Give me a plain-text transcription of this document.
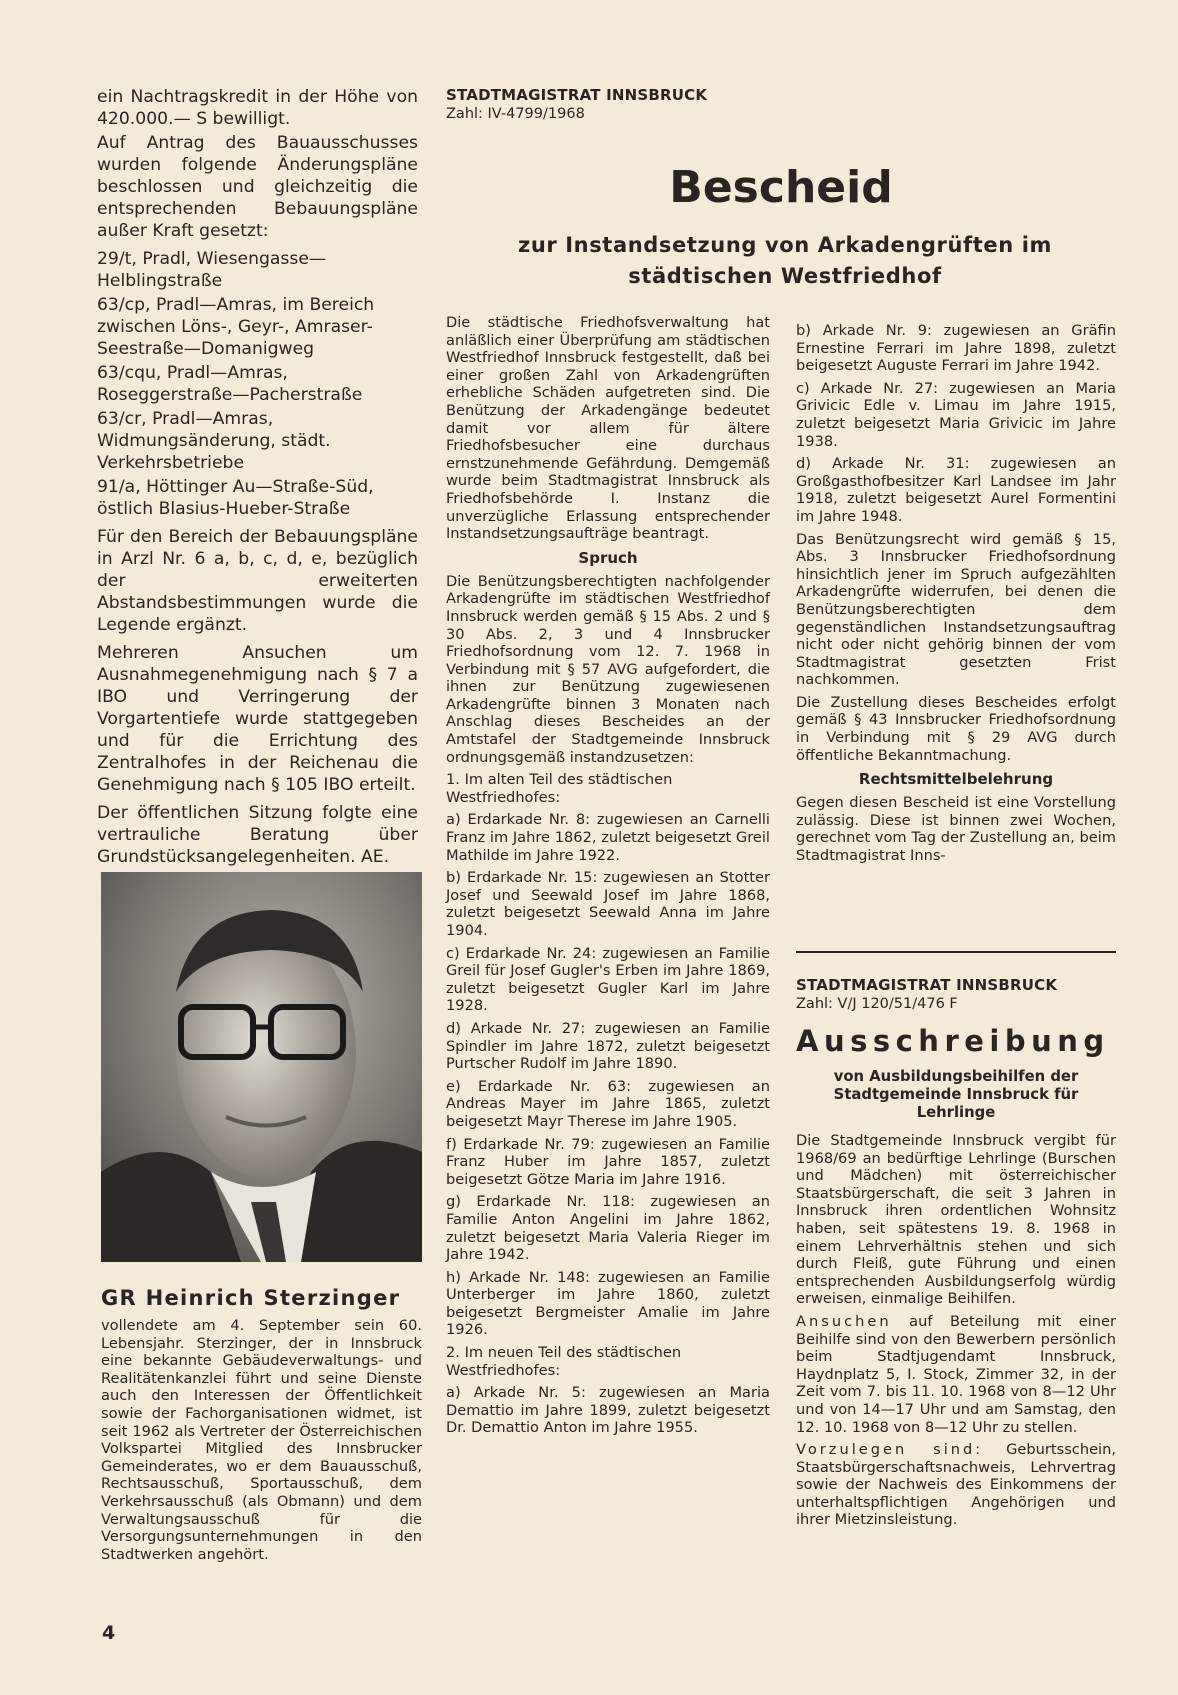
ein Nachtragskredit in der Höhe von 420.000.— S bewilligt.

Auf Antrag des Bauausschusses wurden folgende Änderungspläne beschlossen und gleichzeitig die entsprechenden Bebauungspläne außer Kraft gesetzt:

29/t, Pradl, Wiesengasse—Helblingstraße

63/cp, Pradl—Amras, im Bereich zwischen Löns-, Geyr-, Amraser-Seestraße—Domanigweg

63/cqu, Pradl—Amras, Roseggerstraße—Pacherstraße

63/cr, Pradl—Amras, Widmungsänderung, städt. Verkehrsbetriebe

91/a, Höttinger Au—Straße-Süd, östlich Blasius-Hueber-Straße

Für den Bereich der Bebauungspläne in Arzl Nr. 6 a, b, c, d, e, bezüglich der erweiterten Abstandsbestimmungen wurde die Legende ergänzt.

Mehreren Ansuchen um Ausnahmegenehmigung nach § 7 a IBO und Verringerung der Vorgartentiefe wurde stattgegeben und für die Errichtung des Zentralhofes in der Reichenau die Genehmigung nach § 105 IBO erteilt.

Der öffentlichen Sitzung folgte eine vertrauliche Beratung über Grundstücksangelegenheiten. AE.

GR Heinrich Sterzinger

vollendete am 4. September sein 60. Lebensjahr. Sterzinger, der in Innsbruck eine bekannte Gebäudeverwaltungs- und Realitätenkanzlei führt und seine Dienste auch den Interessen der Öffentlichkeit sowie der Fachorganisationen widmet, ist seit 1962 als Vertreter der Österreichischen Volkspartei Mitglied des Innsbrucker Gemeinderates, wo er dem Bauausschuß, Rechtsausschuß, Sportausschuß, dem Verkehrsausschuß (als Obmann) und dem Verwaltungsausschuß für die Versorgungsunternehmungen in den Stadtwerken angehört.

4
STADTMAGISTRAT INNSBRUCK
Zahl: IV-4799/1968
Bescheid
zur Instandsetzung von Arkadengrüften im städtischen Westfriedhof

Die städtische Friedhofsverwaltung hat anläßlich einer Überprüfung am städtischen Westfriedhof Innsbruck festgestellt, daß bei einer großen Zahl von Arkadengrüften erhebliche Schäden aufgetreten sind. Die Benützung der Arkadengänge bedeutet damit vor allem für ältere Friedhofsbesucher eine durchaus ernstzunehmende Gefährdung. Demgemäß wurde beim Stadtmagistrat Innsbruck als Friedhofsbehörde I. Instanz die unverzügliche Erlassung entsprechender Instandsetzungsaufträge beantragt.

Spruch

Die Benützungsberechtigten nachfolgender Arkadengrüfte im städtischen Westfriedhof Innsbruck werden gemäß § 15 Abs. 2 und § 30 Abs. 2, 3 und 4 Innsbrucker Friedhofsordnung vom 12. 7. 1968 in Verbindung mit § 57 AVG aufgefordert, die ihnen zur Benützung zugewiesenen Arkadengrüfte binnen 3 Monaten nach Anschlag dieses Bescheides an der Amtstafel der Stadtgemeinde Innsbruck ordnungsgemäß instandzusetzen:

1. Im alten Teil des städtischen Westfriedhofes:

a) Erdarkade Nr. 8: zugewiesen an Carnelli Franz im Jahre 1862, zuletzt beigesetzt Greil Mathilde im Jahre 1922.

b) Erdarkade Nr. 15: zugewiesen an Stotter Josef und Seewald Josef im Jahre 1868, zuletzt beigesetzt Seewald Anna im Jahre 1904.

c) Erdarkade Nr. 24: zugewiesen an Familie Greil für Josef Gugler's Erben im Jahre 1869, zuletzt beigesetzt Gugler Karl im Jahre 1928.

d) Arkade Nr. 27: zugewiesen an Familie Spindler im Jahre 1872, zuletzt beigesetzt Purtscher Rudolf im Jahre 1890.

e) Erdarkade Nr. 63: zugewiesen an Andreas Mayer im Jahre 1865, zuletzt beigesetzt Mayr Therese im Jahre 1905.

f) Erdarkade Nr. 79: zugewiesen an Familie Franz Huber im Jahre 1857, zuletzt beigesetzt Götze Maria im Jahre 1916.

g) Erdarkade Nr. 118: zugewiesen an Familie Anton Angelini im Jahre 1862, zuletzt beigesetzt Maria Valeria Rieger im Jahre 1942.

h) Arkade Nr. 148: zugewiesen an Familie Unterberger im Jahre 1860, zuletzt beigesetzt Bergmeister Amalie im Jahre 1926.

2. Im neuen Teil des städtischen Westfriedhofes:

a) Arkade Nr. 5: zugewiesen an Maria Demattio im Jahre 1899, zuletzt beigesetzt Dr. Demattio Anton im Jahre 1955.

b) Arkade Nr. 9: zugewiesen an Gräfin Ernestine Ferrari im Jahre 1898, zuletzt beigesetzt Auguste Ferrari im Jahre 1942.

c) Arkade Nr. 27: zugewiesen an Maria Grivicic Edle v. Limau im Jahre 1915, zuletzt beigesetzt Maria Grivicic im Jahre 1938.

d) Arkade Nr. 31: zugewiesen an Großgasthofbesitzer Karl Landsee im Jahr 1918, zuletzt beigesetzt Aurel Formentini im Jahre 1948.

Das Benützungsrecht wird gemäß § 15, Abs. 3 Innsbrucker Friedhofsordnung hinsichtlich jener im Spruch aufgezählten Arkadengrüfte widerrufen, bei denen die Benützungsberechtigten dem gegenständlichen Instandsetzungsauftrag nicht oder nicht gehörig binnen der vom Stadtmagistrat gesetzten Frist nachkommen.

Die Zustellung dieses Bescheides erfolgt gemäß § 43 Innsbrucker Friedhofsordnung in Verbindung mit § 29 AVG durch öffentliche Bekanntmachung.

Rechtsmittelbelehrung

Gegen diesen Bescheid ist eine Vorstellung zulässig. Diese ist binnen zwei Wochen, gerechnet vom Tag der Zustellung an, beim Stadtmagistrat Inns-

STADTMAGISTRAT INNSBRUCK
Zahl: V/J 120/51/476 F
Ausschreibung
von Ausbildungsbeihilfen der Stadtgemeinde Innsbruck für Lehrlinge

Die Stadtgemeinde Innsbruck vergibt für 1968/69 an bedürftige Lehrlinge (Burschen und Mädchen) mit österreichischer Staatsbürgerschaft, die seit 3 Jahren in Innsbruck ihren ordentlichen Wohnsitz haben, seit spätestens 19. 8. 1968 in einem Lehrverhältnis stehen und sich durch Fleiß, gute Führung und einen entsprechenden Ausbildungserfolg würdig erweisen, einmalige Beihilfen.

Ansuchen auf Beteilung mit einer Beihilfe sind von den Bewerbern persönlich beim Stadtjugendamt Innsbruck, Haydnplatz 5, I. Stock, Zimmer 32, in der Zeit vom 7. bis 11. 10. 1968 von 8—12 Uhr und von 14—17 Uhr und am Samstag, den 12. 10. 1968 von 8—12 Uhr zu stellen.

Vorzulegen sind: Geburtsschein, Staatsbürgerschaftsnachweis, Lehrvertrag sowie der Nachweis des Einkommens der unterhaltspflichtigen Angehörigen und ihrer Mietzinsleistung.
